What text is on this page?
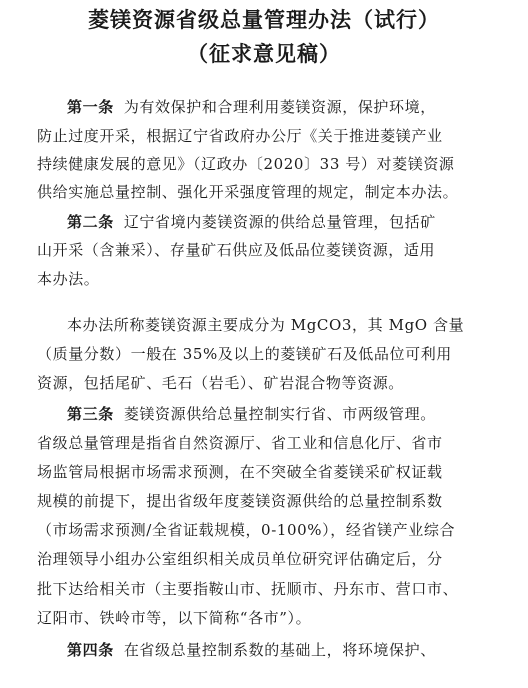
菱镁资源省级总量管理办法（试行）
（征求意见稿）
第一条 为有效保护和合理利用菱镁资源，保护环境，
防止过度开采，根据辽宁省政府办公厅《关于推进菱镁产业
持续健康发展的意见》（辽政办〔2020〕33 号）对菱镁资源
供给实施总量控制、强化开采强度管理的规定，制定本办法。
第二条 辽宁省境内菱镁资源的供给总量管理，包括矿
山开采（含兼采）、存量矿石供应及低品位菱镁资源，适用
本办法。
本办法所称菱镁资源主要成分为 MgCO3，其 MgO 含量
（质量分数）一般在 35%及以上的菱镁矿石及低品位可利用
资源，包括尾矿、毛石（岩毛）、矿岩混合物等资源。
第三条 菱镁资源供给总量控制实行省、市两级管理。
省级总量管理是指省自然资源厅、省工业和信息化厅、省市
场监管局根据市场需求预测，在不突破全省菱镁采矿权证载
规模的前提下，提出省级年度菱镁资源供给的总量控制系数
（市场需求预测/全省证载规模，0-100%），经省镁产业综合
治理领导小组办公室组织相关成员单位研究评估确定后，分
批下达给相关市（主要指鞍山市、抚顺市、丹东市、营口市、
辽阳市、铁岭市等，以下简称“各市”）。
第四条 在省级总量控制系数的基础上，将环境保护、
